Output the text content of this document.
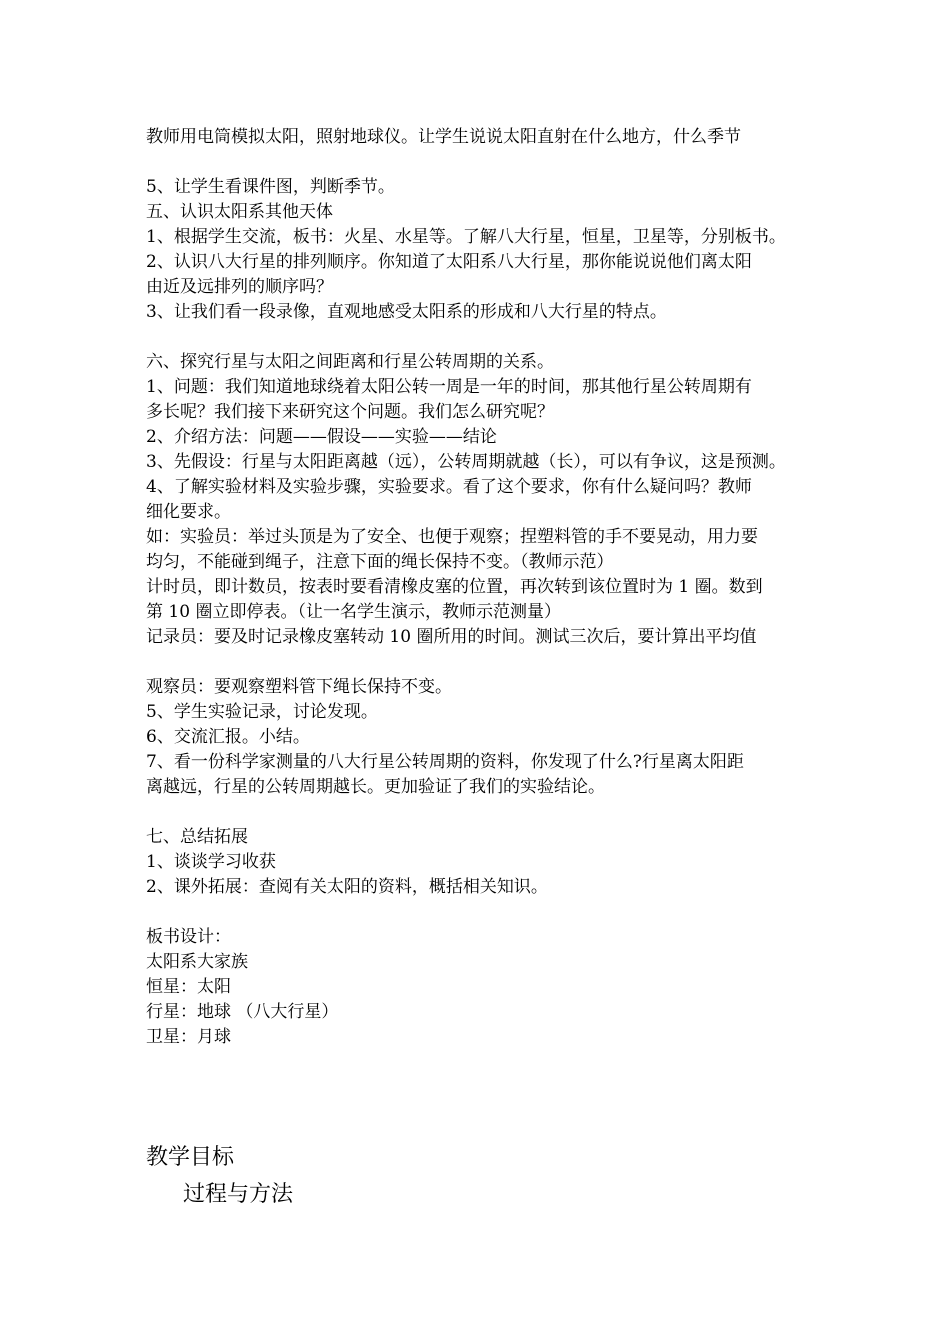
教师用电筒模拟太阳，照射地球仪。让学生说说太阳直射在什么地方，什么季节
5、让学生看课件图，判断季节。
五、认识太阳系其他天体
1、根据学生交流，板书：火星、水星等。了解八大行星，恒星，卫星等，分别板书。
2、认识八大行星的排列顺序。你知道了太阳系八大行星，那你能说说他们离太阳
由近及远排列的顺序吗？
3、让我们看一段录像，直观地感受太阳系的形成和八大行星的特点。
六、探究行星与太阳之间距离和行星公转周期的关系。
1、问题：我们知道地球绕着太阳公转一周是一年的时间，那其他行星公转周期有
多长呢？我们接下来研究这个问题。我们怎么研究呢？
2、介绍方法：问题——假设——实验——结论
3、先假设：行星与太阳距离越（远），公转周期就越（长），可以有争议，这是预测。
4、了解实验材料及实验步骤，实验要求。看了这个要求，你有什么疑问吗？教师
细化要求。
如：实验员：举过头顶是为了安全、也便于观察；捏塑料管的手不要晃动，用力要
均匀，不能碰到绳子，注意下面的绳长保持不变。（教师示范）
计时员，即计数员，按表时要看清橡皮塞的位置，再次转到该位置时为 1 圈。数到
第 10 圈立即停表。（让一名学生演示，教师示范测量）
记录员：要及时记录橡皮塞转动 10 圈所用的时间。测试三次后，要计算出平均值
观察员：要观察塑料管下绳长保持不变。
5、学生实验记录，讨论发现。
6、交流汇报。小结。
7、看一份科学家测量的八大行星公转周期的资料，你发现了什么?行星离太阳距
离越远，行星的公转周期越长。更加验证了我们的实验结论。
七、总结拓展
1、谈谈学习收获
2、课外拓展：查阅有关太阳的资料，概括相关知识。
板书设计：
太阳系大家族
恒星：太阳
行星：地球 （八大行星）
卫星：月球
教学目标
过程与方法
